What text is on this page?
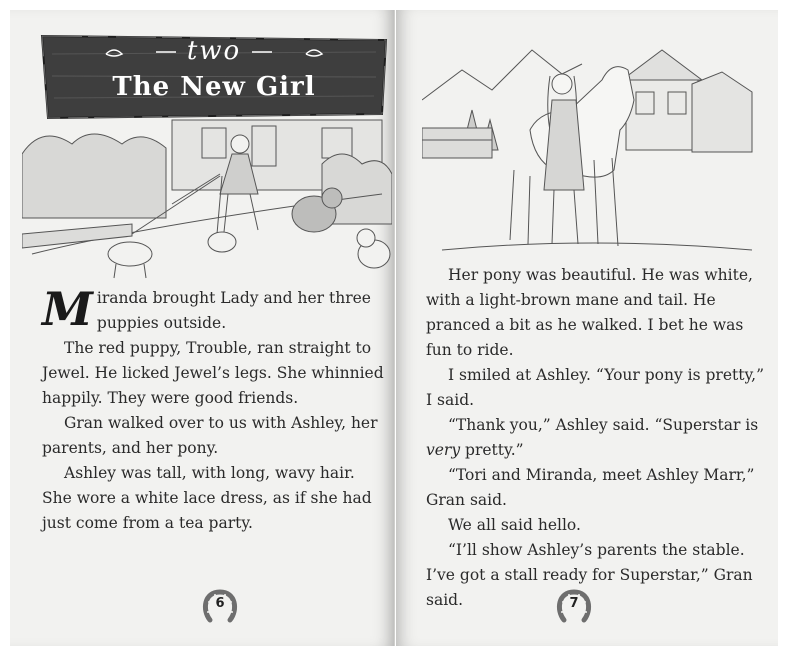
two
The New Girl

Miranda brought Lady and her three puppies outside.

The red puppy, Trouble, ran straight to Jewel. He licked Jewel’s legs. She whinnied happily. They were good friends.

Gran walked over to us with Ashley, her parents, and her pony.

Ashley was tall, with long, wavy hair. She wore a white lace dress, as if she had just come from a tea party.

6

Her pony was beautiful. He was white, with a light-brown mane and tail. He pranced a bit as he walked. I bet he was fun to ride.

I smiled at Ashley. “Your pony is pretty,” I said.

“Thank you,” Ashley said. “Superstar is very pretty.”

“Tori and Miranda, meet Ashley Marr,” Gran said.

We all said hello.

“I’ll show Ashley’s parents the stable. I’ve got a stall ready for Superstar,” Gran said.	7
